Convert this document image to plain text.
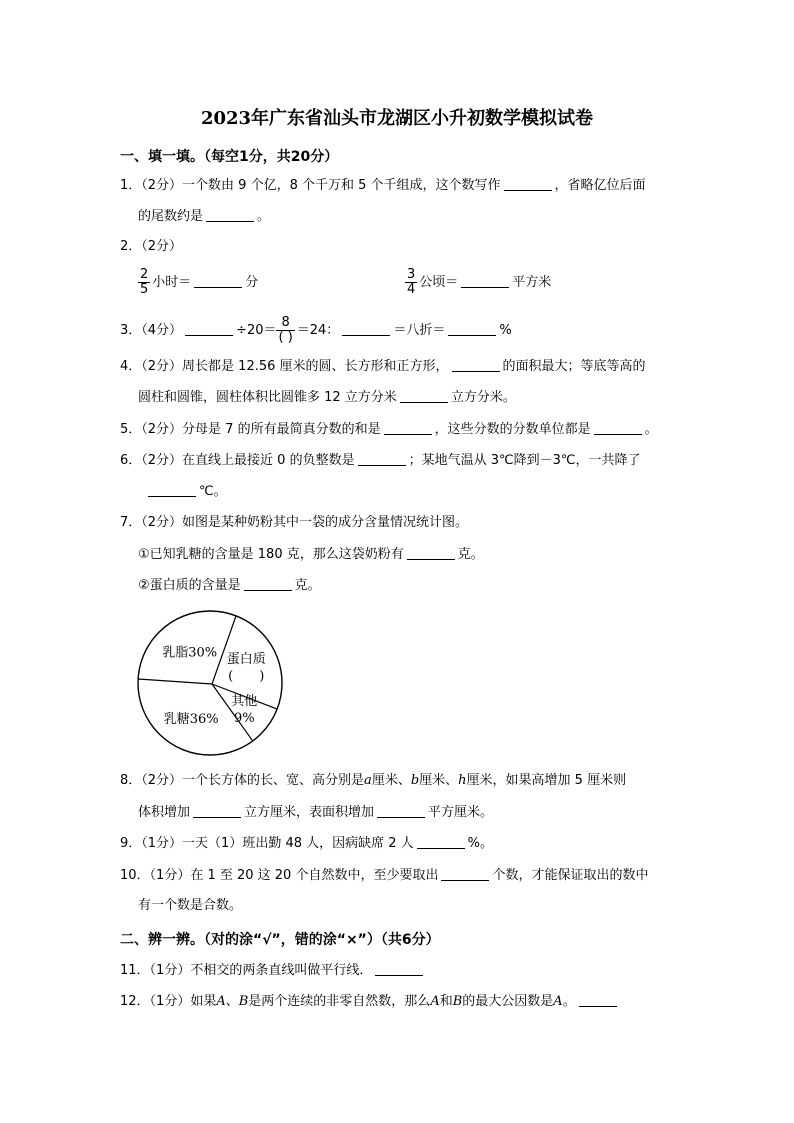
2023年广东省汕头市龙湖区小升初数学模拟试卷
一、填一填。（每空1分，共20分）
1．（2分）一个数由 9 个亿，8 个千万和 5 个千组成，这个数写作	，省略亿位后面
的尾数约是	。
2．（2分）
$\frac{2}{5}$ 小时＝	分	$\frac{3}{4}$ 公顷＝	平方米
3．（4分）	$\div 20= \frac{8}{( )} =24$：	＝八折＝	%
4．（2分）周长都是 12.56 厘米的圆、长方形和正方形，	的面积最大；等底等高的
圆柱和圆锥，圆柱体积比圆锥多 12 立方分米	立方分米。
5．（2分）分母是 7 的所有最简真分数的和是	，这些分数的分数单位都是	。
6．（2分）在直线上最接近 0 的负整数是	；某地气温从 3℃降到－3℃，一共降了
℃。
7．（2分）如图是某种奶粉其中一袋的成分含量情况统计图。
①已知乳糖的含量是 180 克，那么这袋奶粉有	克。
②蛋白质的含量是	克。
乳脂30% 蛋白质
(　　)
其他
9%
乳糖36%
8．（2分）一个长方体的长、宽、高分别是a厘米、b厘米、h厘米，如果高增加 5 厘米则
体积增加	立方厘米，表面积增加	平方厘米。
9．（1分）一天（1）班出勤 48 人，因病缺席 2 人	%。
10．（1分）在 1 至 20 这 20 个自然数中，至少要取出	个数，才能保证取出的数中
有一个数是合数。
二、辨一辨。（对的涂“√”，错的涂“×”）（共6分）
11．（1分）不相交的两条直线叫做平行线．
12．（1分）如果A、B是两个连续的非零自然数，那么A和B的最大公因数是A。
